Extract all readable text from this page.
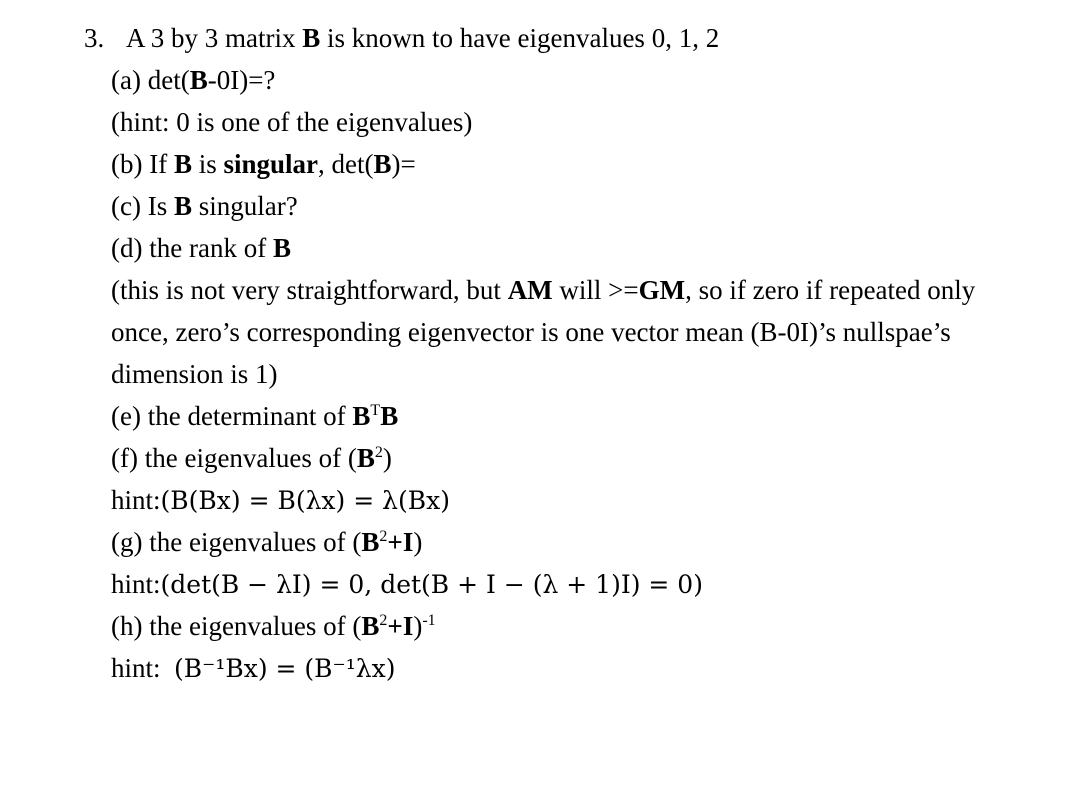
3. A 3 by 3 matrix B is known to have eigenvalues 0, 1, 2
(a) det(B-0I)=?
(hint: 0 is one of the eigenvalues)
(b) If B is singular, det(B)=
(c) Is B singular?
(d) the rank of B
(this is not very straightforward, but AM will >=GM, so if zero if repeated only
once, zero’s corresponding eigenvector is one vector mean (B-0I)’s nullspae’s
dimension is 1)
(e) the determinant of $B^TB$
(f) the eigenvalues of $(B^2)$
hint:(B(Bx) = B(λx) = λ(Bx)
(g) the eigenvalues of $(B^2+I)$
hint:(det(B − λI) = 0, det(B + I − (λ + 1)I) = 0)
(h) the eigenvalues of $(B^2+I)^{-1}$
hint:  (B⁻¹Bx) = (B⁻¹λx)
